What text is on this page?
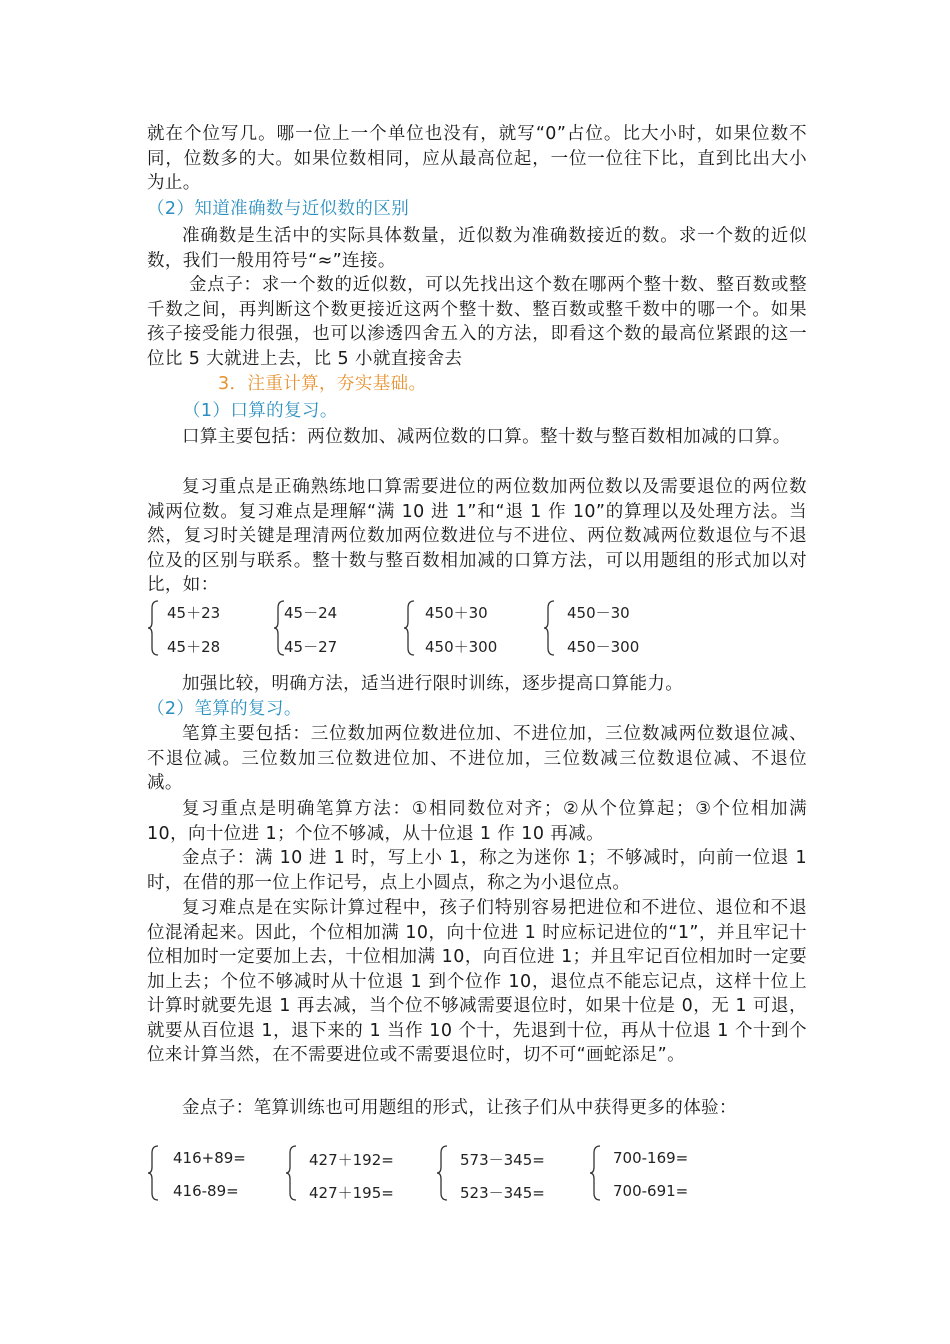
就在个位写几。哪一位上一个单位也没有，就写“0”占位。比大小时，如果位数不同，位数多的大。如果位数相同，应从最高位起，一位一位往下比，直到比出大小为止。

（2）知道准确数与近似数的区别

准确数是生活中的实际具体数量，近似数为准确数接近的数。求一个数的近似数，我们一般用符号“≈”连接。

金点子：求一个数的近似数，可以先找出这个数在哪两个整十数、整百数或整千数之间，再判断这个数更接近这两个整十数、整百数或整千数中的哪一个。如果孩子接受能力很强，也可以渗透四舍五入的方法，即看这个数的最高位紧跟的这一位比 5 大就进上去，比 5 小就直接舍去

3．注重计算，夯实基础。

（1）口算的复习。

口算主要包括：两位数加、减两位数的口算。整十数与整百数相加减的口算。

复习重点是正确熟练地口算需要进位的两位数加两位数以及需要退位的两位数减两位数。复习难点是理解“满 10 进 1”和“退 1 作 10”的算理以及处理方法。当然，复习时关键是理清两位数加两位数进位与不进位、两位数减两位数退位与不退位及的区别与联系。整十数与整百数相加减的口算方法，可以用题组的形式加以对比，如：

45＋23
45＋28
45－24
45－27
450＋30
450＋300
450－30
450－300

加强比较，明确方法，适当进行限时训练，逐步提高口算能力。

（2）笔算的复习。

笔算主要包括：三位数加两位数进位加、不进位加，三位数减两位数退位减、不退位减。三位数加三位数进位加、不进位加，三位数减三位数退位减、不退位减。

复习重点是明确笔算方法：①相同数位对齐；②从个位算起；③个位相加满 10，向十位进 1；个位不够减，从十位退 1 作 10 再减。

金点子：满 10 进 1 时，写上小 1，称之为迷你 1；不够减时，向前一位退 1 时，在借的那一位上作记号，点上小圆点，称之为小退位点。

复习难点是在实际计算过程中，孩子们特别容易把进位和不进位、退位和不退位混淆起来。因此，个位相加满 10，向十位进 1 时应标记进位的“1”，并且牢记十位相加时一定要加上去，十位相加满 10，向百位进 1；并且牢记百位相加时一定要加上去；个位不够减时从十位退 1 到个位作 10，退位点不能忘记点，这样十位上计算时就要先退 1 再去减，当个位不够减需要退位时，如果十位是 0，无 1 可退，就要从百位退 1，退下来的 1 当作 10 个十，先退到十位，再从十位退 1 个十到个位来计算当然，在不需要进位或不需要退位时，切不可“画蛇添足”。

金点子：笔算训练也可用题组的形式，让孩子们从中获得更多的体验：

416+89=
416-89=
427＋192=
427＋195=
573－345=
523－345=
700-169=
700-691=
